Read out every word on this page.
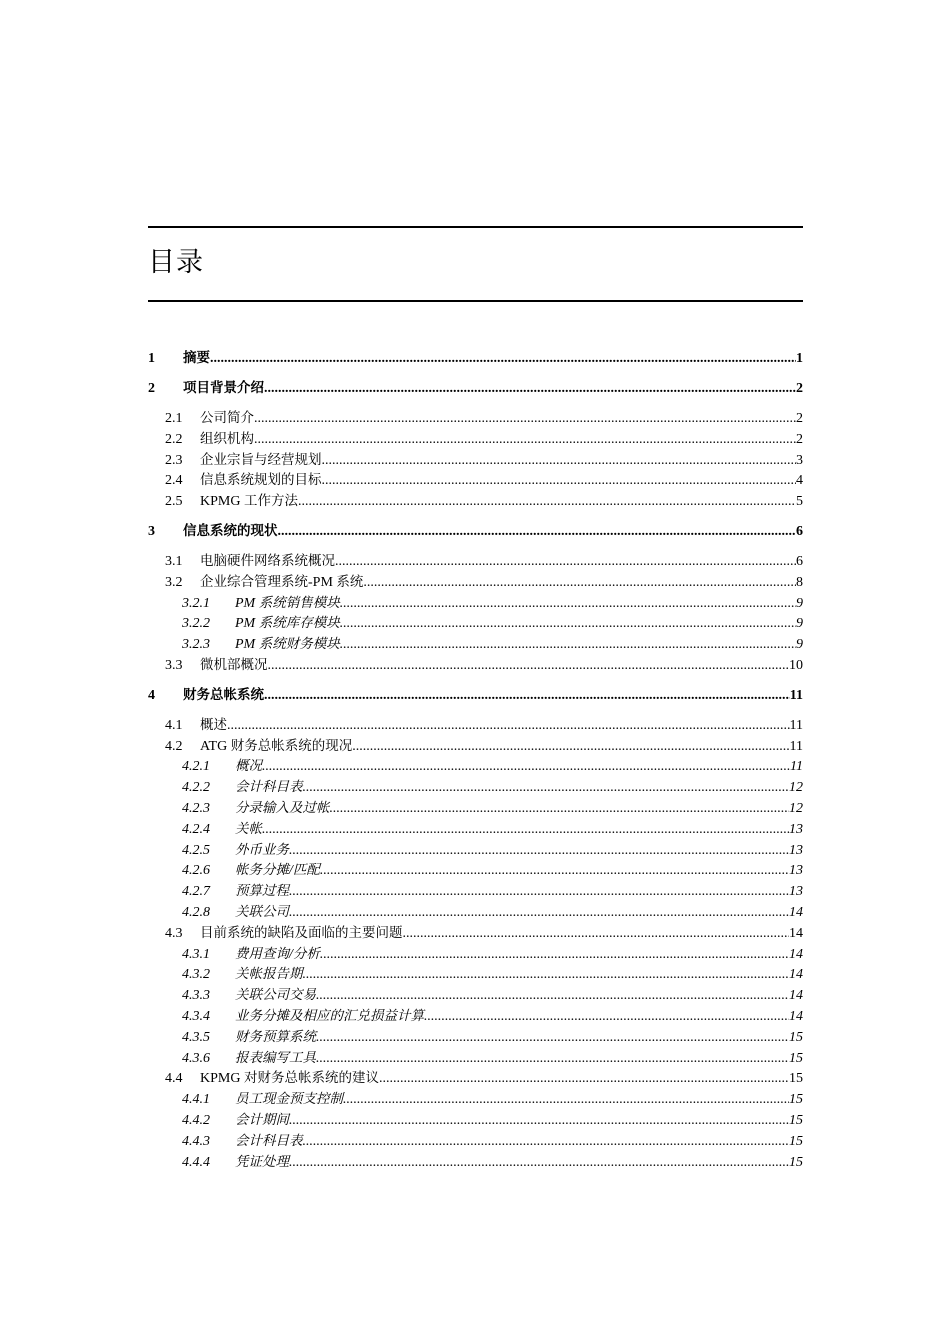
目录
1	摘要 .....	1
2	项目背景介绍 .....	2
2.1	公司简介 .....	2
2.2	组织机构 .....	2
2.3	企业宗旨与经营规划 .....	3
2.4	信息系统规划的目标 .....	4
2.5	KPMG 工作方法 .....	5
3	信息系统的现状 .....	6
3.1	电脑硬件网络系统概况 .....	6
3.2	企业综合管理系统-PM 系统 .....	8
3.2.1	PM 系统销售模块 .....	9
3.2.2	PM 系统库存模块 .....	9
3.2.3	PM 系统财务模块 .....	9
3.3	微机部概况 .....	10
4	财务总帐系统 .....	11
4.1	概述 .....	11
4.2	ATG 财务总帐系统的现况 .....	11
4.2.1	概况 .....	11
4.2.2	会计科目表 .....	12
4.2.3	分录输入及过帐 .....	12
4.2.4	关帐 .....	13
4.2.5	外币业务 .....	13
4.2.6	帐务分摊/匹配 .....	13
4.2.7	预算过程 .....	13
4.2.8	关联公司 .....	14
4.3	目前系统的缺陷及面临的主要问题 .....	14
4.3.1	费用查询/分析 .....	14
4.3.2	关帐报告期 .....	14
4.3.3	关联公司交易 .....	14
4.3.4	业务分摊及相应的汇兑损益计算 .....	14
4.3.5	财务预算系统 .....	15
4.3.6	报表编写工具 .....	15
4.4	KPMG 对财务总帐系统的建议 .....	15
4.4.1	员工现金预支控制 .....	15
4.4.2	会计期间 .....	15
4.4.3	会计科目表 .....	15
4.4.4	凭证处理 .....	15
